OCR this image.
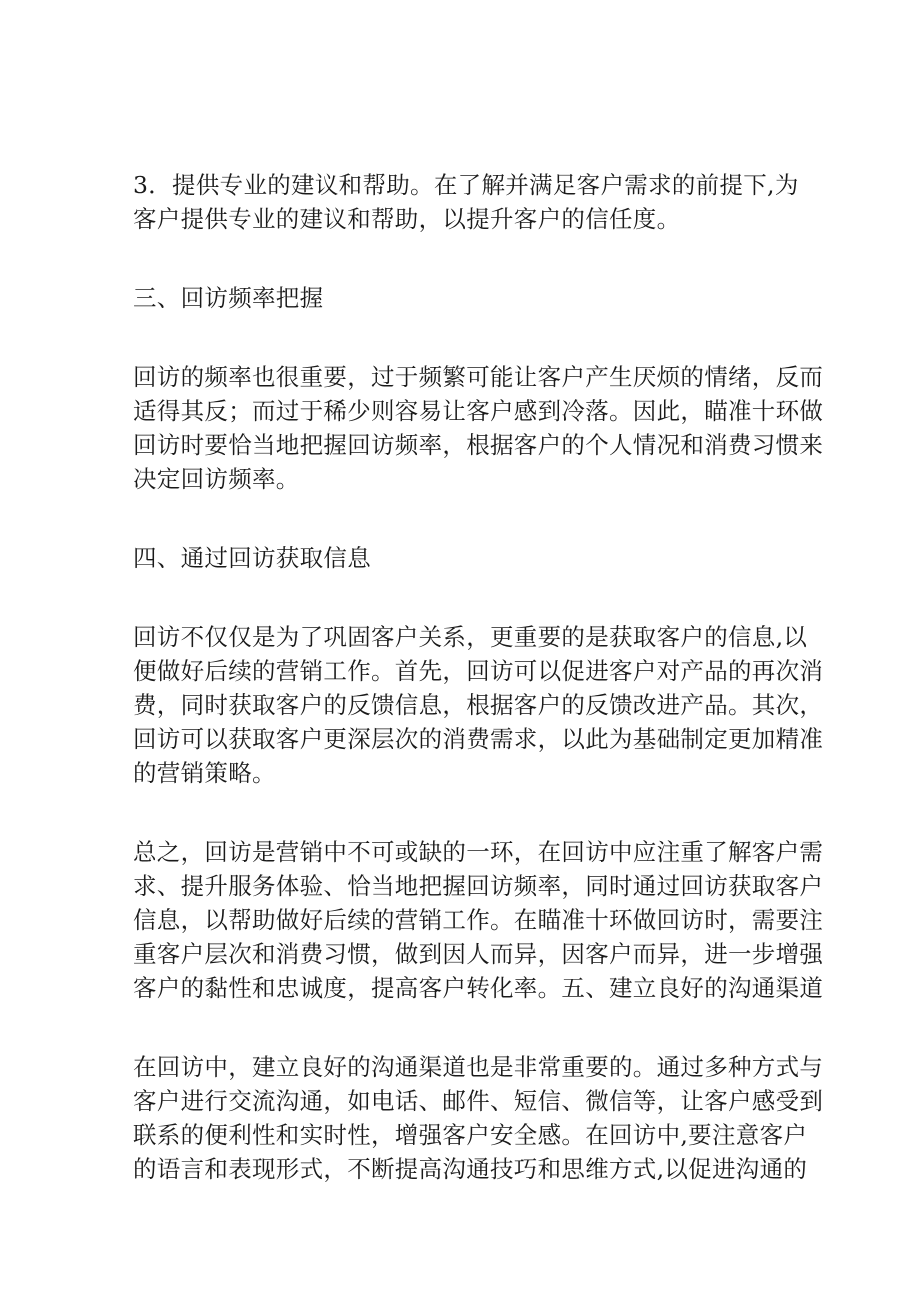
3．提供专业的建议和帮助。在了解并满足客户需求的前提下,为
客户提供专业的建议和帮助，以提升客户的信任度。
三、回访频率把握
回访的频率也很重要，过于频繁可能让客户产生厌烦的情绪，反而
适得其反；而过于稀少则容易让客户感到冷落。因此，瞄准十环做
回访时要恰当地把握回访频率，根据客户的个人情况和消费习惯来
决定回访频率。
四、通过回访获取信息
回访不仅仅是为了巩固客户关系，更重要的是获取客户的信息,以
便做好后续的营销工作。首先，回访可以促进客户对产品的再次消
费，同时获取客户的反馈信息，根据客户的反馈改进产品。其次，
回访可以获取客户更深层次的消费需求，以此为基础制定更加精准
的营销策略。
总之，回访是营销中不可或缺的一环，在回访中应注重了解客户需
求、提升服务体验、恰当地把握回访频率，同时通过回访获取客户
信息，以帮助做好后续的营销工作。在瞄准十环做回访时，需要注
重客户层次和消费习惯，做到因人而异，因客户而异，进一步增强
客户的黏性和忠诚度，提高客户转化率。五、建立良好的沟通渠道
在回访中，建立良好的沟通渠道也是非常重要的。通过多种方式与
客户进行交流沟通，如电话、邮件、短信、微信等，让客户感受到
联系的便利性和实时性，增强客户安全感。在回访中,要注意客户
的语言和表现形式，不断提高沟通技巧和思维方式,以促进沟通的
